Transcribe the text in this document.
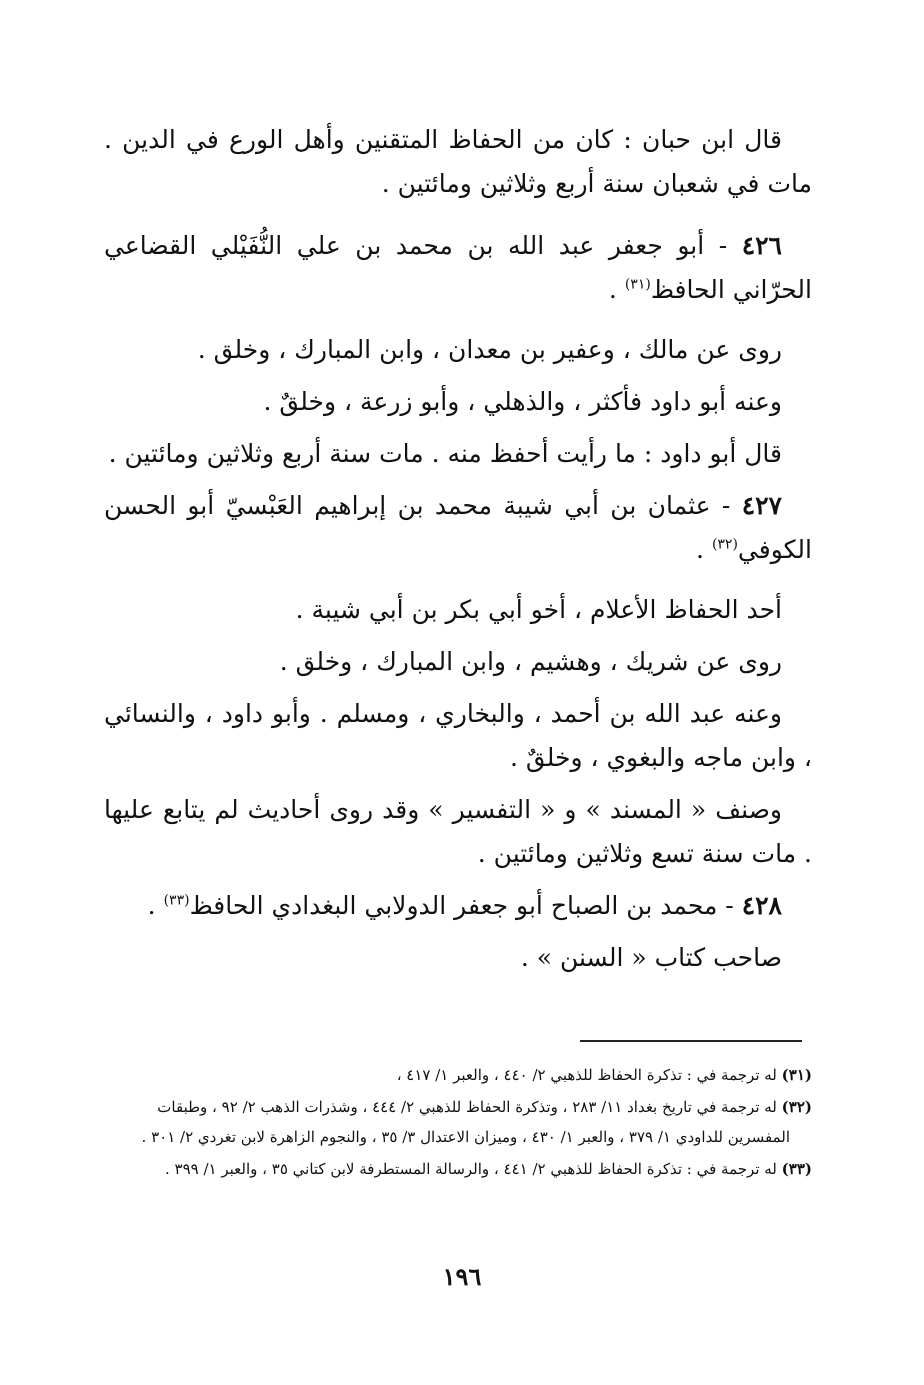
قال ابن حبان : كان من الحفاظ المتقنين وأهل الورع في الدين . مات في شعبان سنة أربع وثلاثين ومائتين .

٤٢٦ - أبو جعفر عبد الله بن محمد بن علي النُّفَيْلي القضاعي الحرّاني الحافظ$^{(٣١)}$ .

روى عن مالك ، وعفير بن معدان ، وابن المبارك ، وخلق .

وعنه أبو داود فأكثر ، والذهلي ، وأبو زرعة ، وخلقٌ .

قال أبو داود : ما رأيت أحفظ منه . مات سنة أربع وثلاثين ومائتين .

٤٢٧ - عثمان بن أبي شيبة محمد بن إبراهيم العَبْسيّ أبو الحسن الكوفي$^{(٣٢)}$ .

أحد الحفاظ الأعلام ، أخو أبي بكر بن أبي شيبة .

روى عن شريك ، وهشيم ، وابن المبارك ، وخلق .

وعنه عبد الله بن أحمد ، والبخاري ، ومسلم . وأبو داود ، والنسائي ، وابن ماجه والبغوي ، وخلقٌ .

وصنف « المسند » و « التفسير » وقد روى أحاديث لم يتابع عليها . مات سنة تسع وثلاثين ومائتين .

٤٢٨ - محمد بن الصباح أبو جعفر الدولابي البغدادي الحافظ$^{(٣٣)}$ .

صاحب كتاب « السنن » .

(٣١) له ترجمة في : تذكرة الحفاظ للذهبي ٢/ ٤٤٠ ، والعبر ١/ ٤١٧ ،

(٣٢) له ترجمة في تاريخ بغداد ١١/ ٢٨٣ ، وتذكرة الحفاظ للذهبي ٢/ ٤٤٤ ، وشذرات الذهب ٢/ ٩٢ ، وطبقات
المفسرين للداودي ١/ ٣٧٩ ، والعبر ١/ ٤٣٠ ، وميزان الاعتدال ٣/ ٣٥ ، والنجوم الزاهرة لابن تغردي ٢/ ٣٠١ .

(٣٣) له ترجمة في : تذكرة الحفاظ للذهبي ٢/ ٤٤١ ، والرسالة المستطرفة لابن كتاني ٣٥ ، والعبر ١/ ٣٩٩ .

١٩٦
